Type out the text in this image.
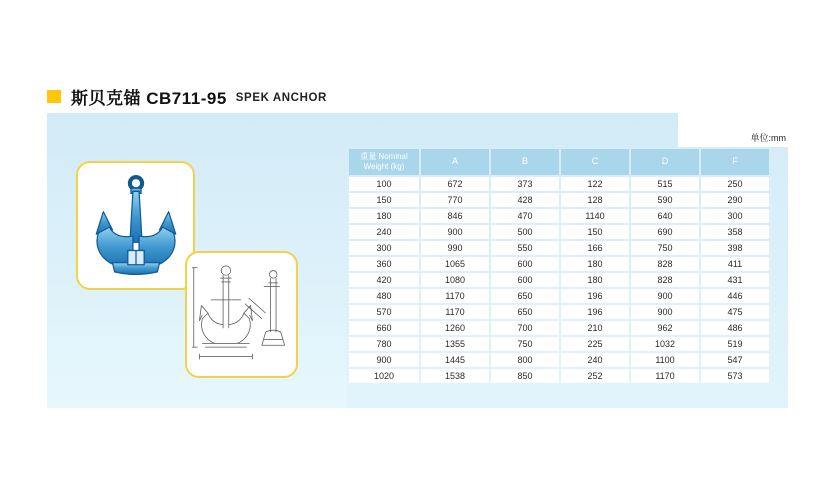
斯贝克锚 CB711-95 SPEK ANCHOR
单位:mm
重量 Nominal Weight (kg)	A	B	C	D	F
100	672	373	122	515	250
150	770	428	128	590	290
180	846	470	1140	640	300
240	900	500	150	690	358
300	990	550	166	750	398
360	1065	600	180	828	411
420	1080	600	180	828	431
480	1170	650	196	900	446
570	1170	650	196	900	475
660	1260	700	210	962	486
780	1355	750	225	1032	519
900	1445	800	240	1100	547
1020	1538	850	252	1170	573
